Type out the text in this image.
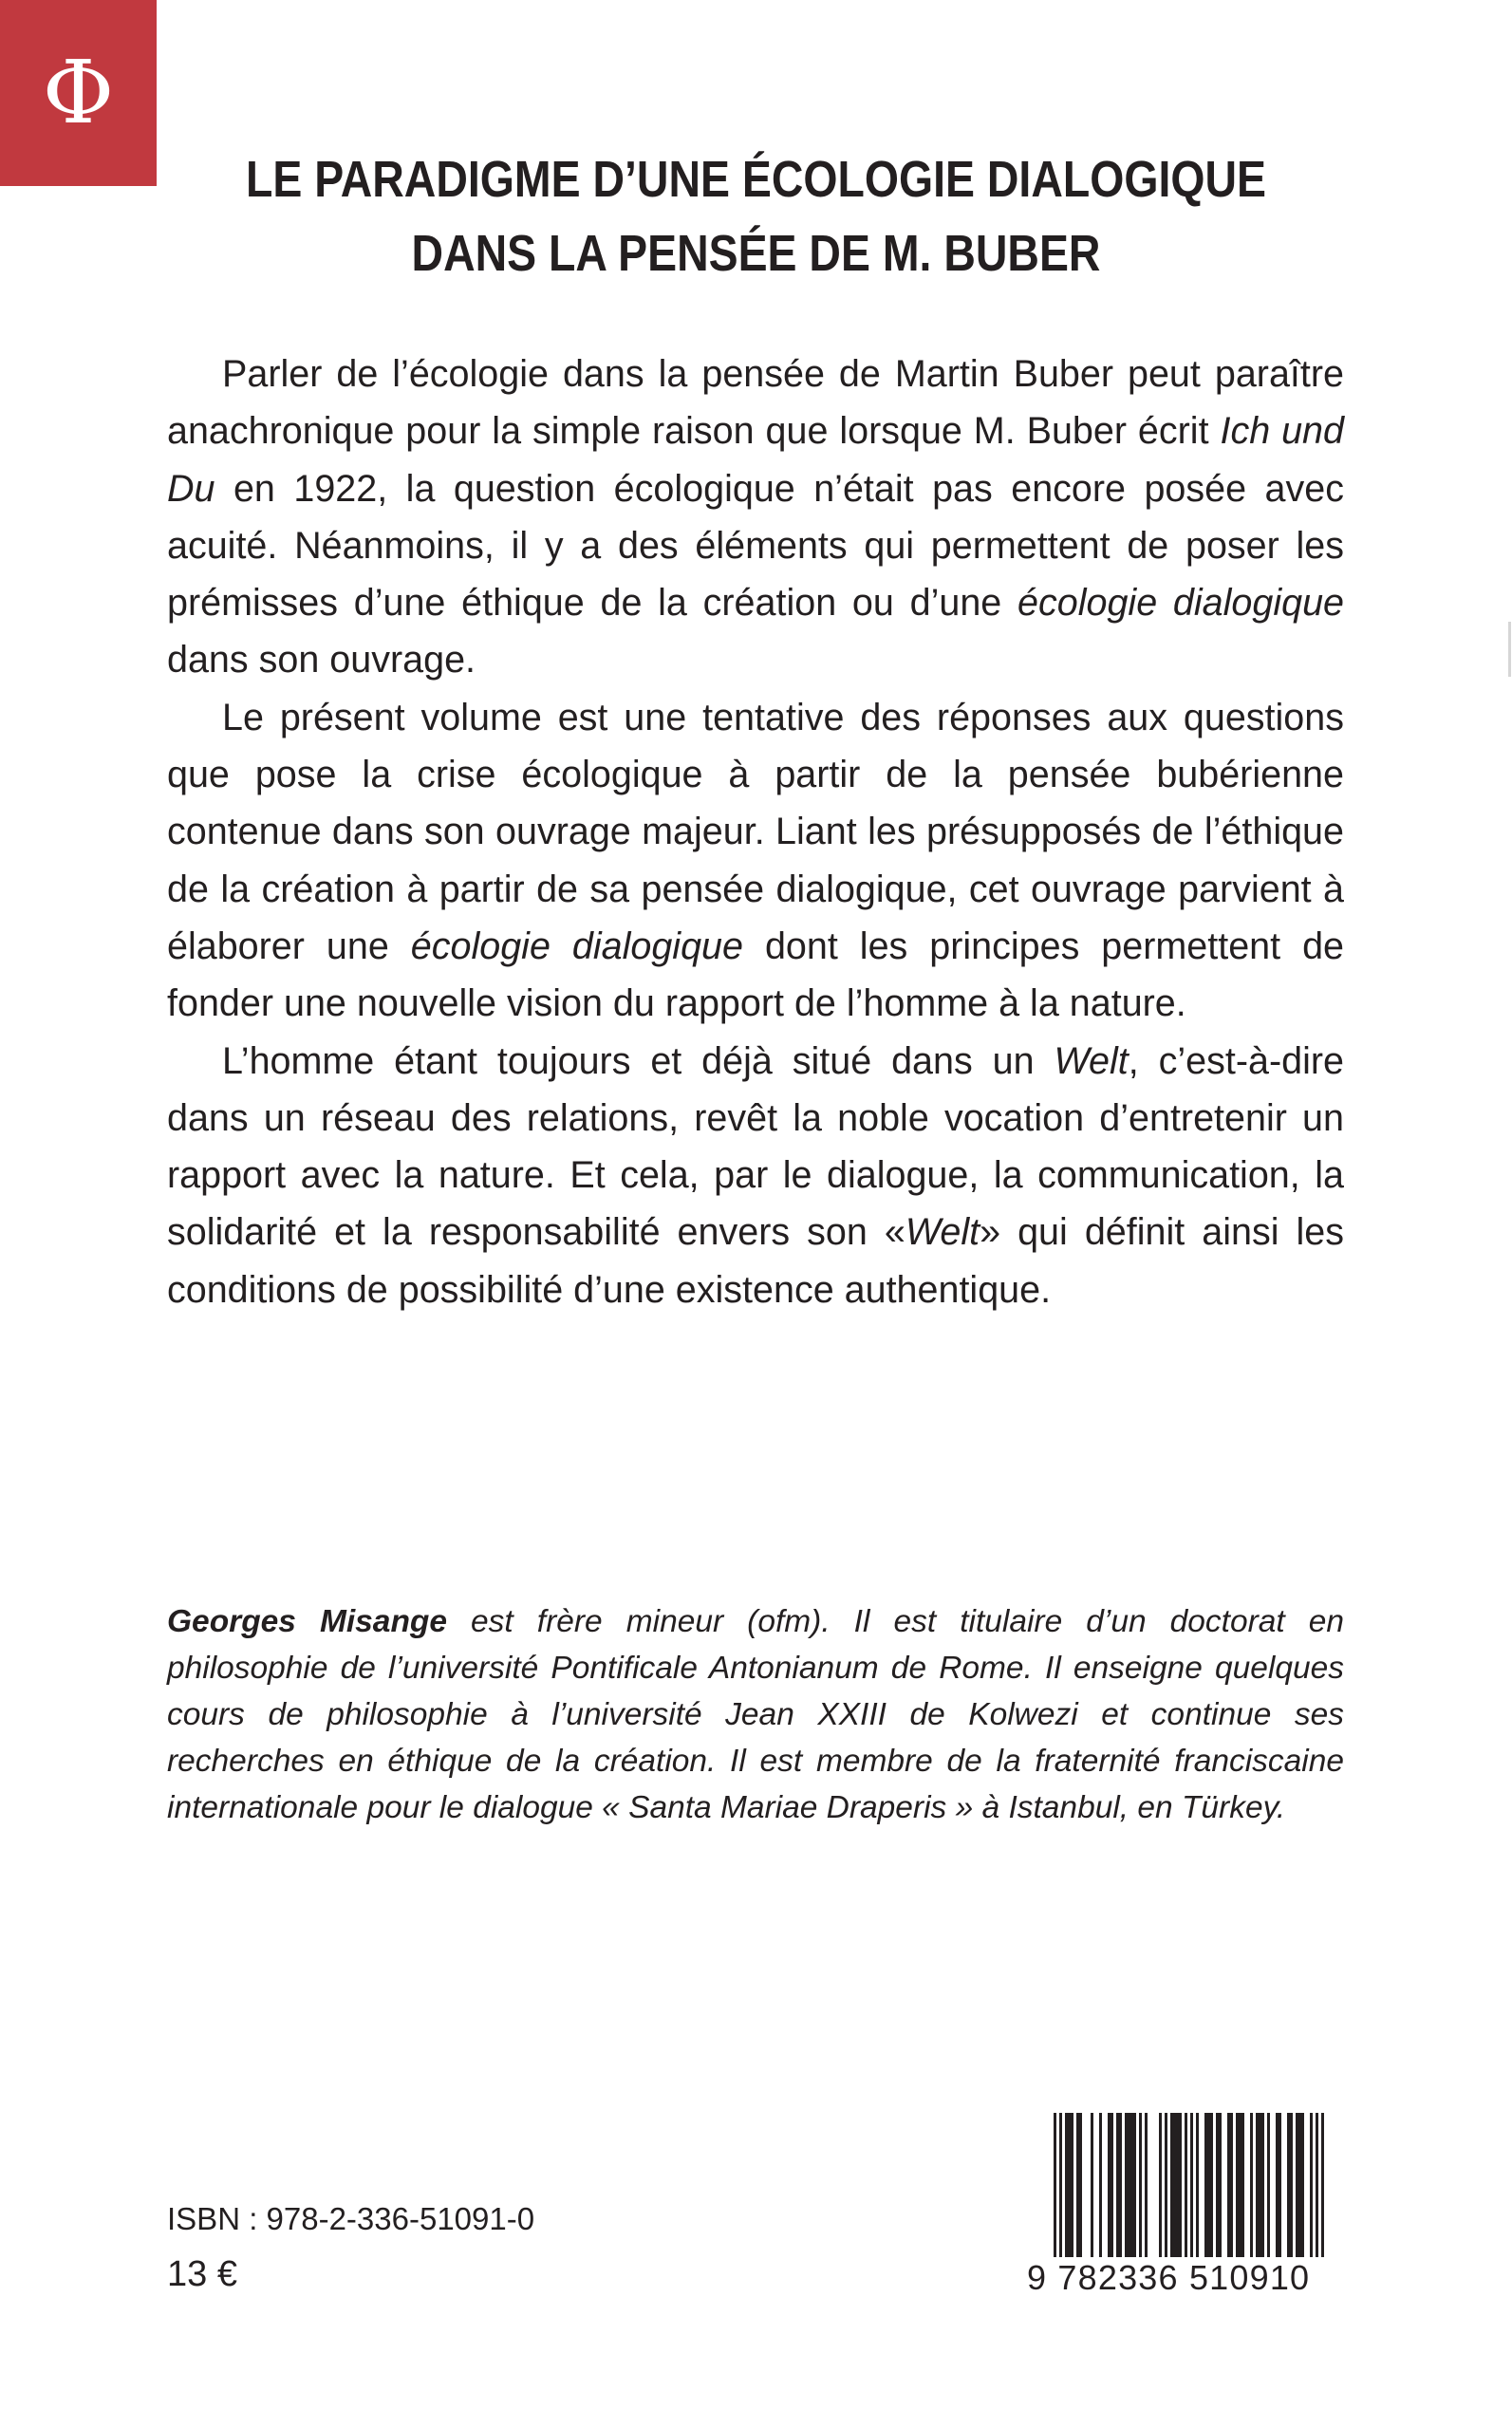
Φ
LE PARADIGME D’UNE ÉCOLOGIE DIALOGIQUE
DANS LA PENSÉE DE M. BUBER

Parler de l’écologie dans la pensée de Martin Buber peut paraître anachronique pour la simple raison que lorsque M. Buber écrit Ich und Du en 1922, la question écologique n’était pas encore posée avec acuité. Néanmoins, il y a des éléments qui permettent de poser les prémisses d’une éthique de la création ou d’une écologie dialogique dans son ouvrage.

Le présent volume est une tentative des réponses aux questions que pose la crise écologique à partir de la pensée bubérienne contenue dans son ouvrage majeur. Liant les présupposés de l’éthique de la création à partir de sa pensée dialogique, cet ouvrage parvient à élaborer une écologie dialogique dont les principes permettent de fonder une nouvelle vision du rapport de l’homme à la nature.

L’homme étant toujours et déjà situé dans un Welt, c’est-à-dire dans un réseau des relations, revêt la noble vocation d’entretenir un rapport avec la nature. Et cela, par le dialogue, la communication, la solidarité et la responsabilité envers son «Welt» qui définit ainsi les conditions de possibilité d’une existence authentique.

Georges Misange est frère mineur (ofm). Il est titulaire d’un doctorat en philosophie de l’université Pontificale Antonianum de Rome. Il enseigne quelques cours de philosophie à l’université Jean XXIII de Kolwezi et continue ses recherches en éthique de la création. Il est membre de la fraternité franciscaine internationale pour le dialogue « Santa Mariae Draperis » à Istanbul, en Türkey.

ISBN : 978-2-336-51091-0
13 €	9 782336 510910
